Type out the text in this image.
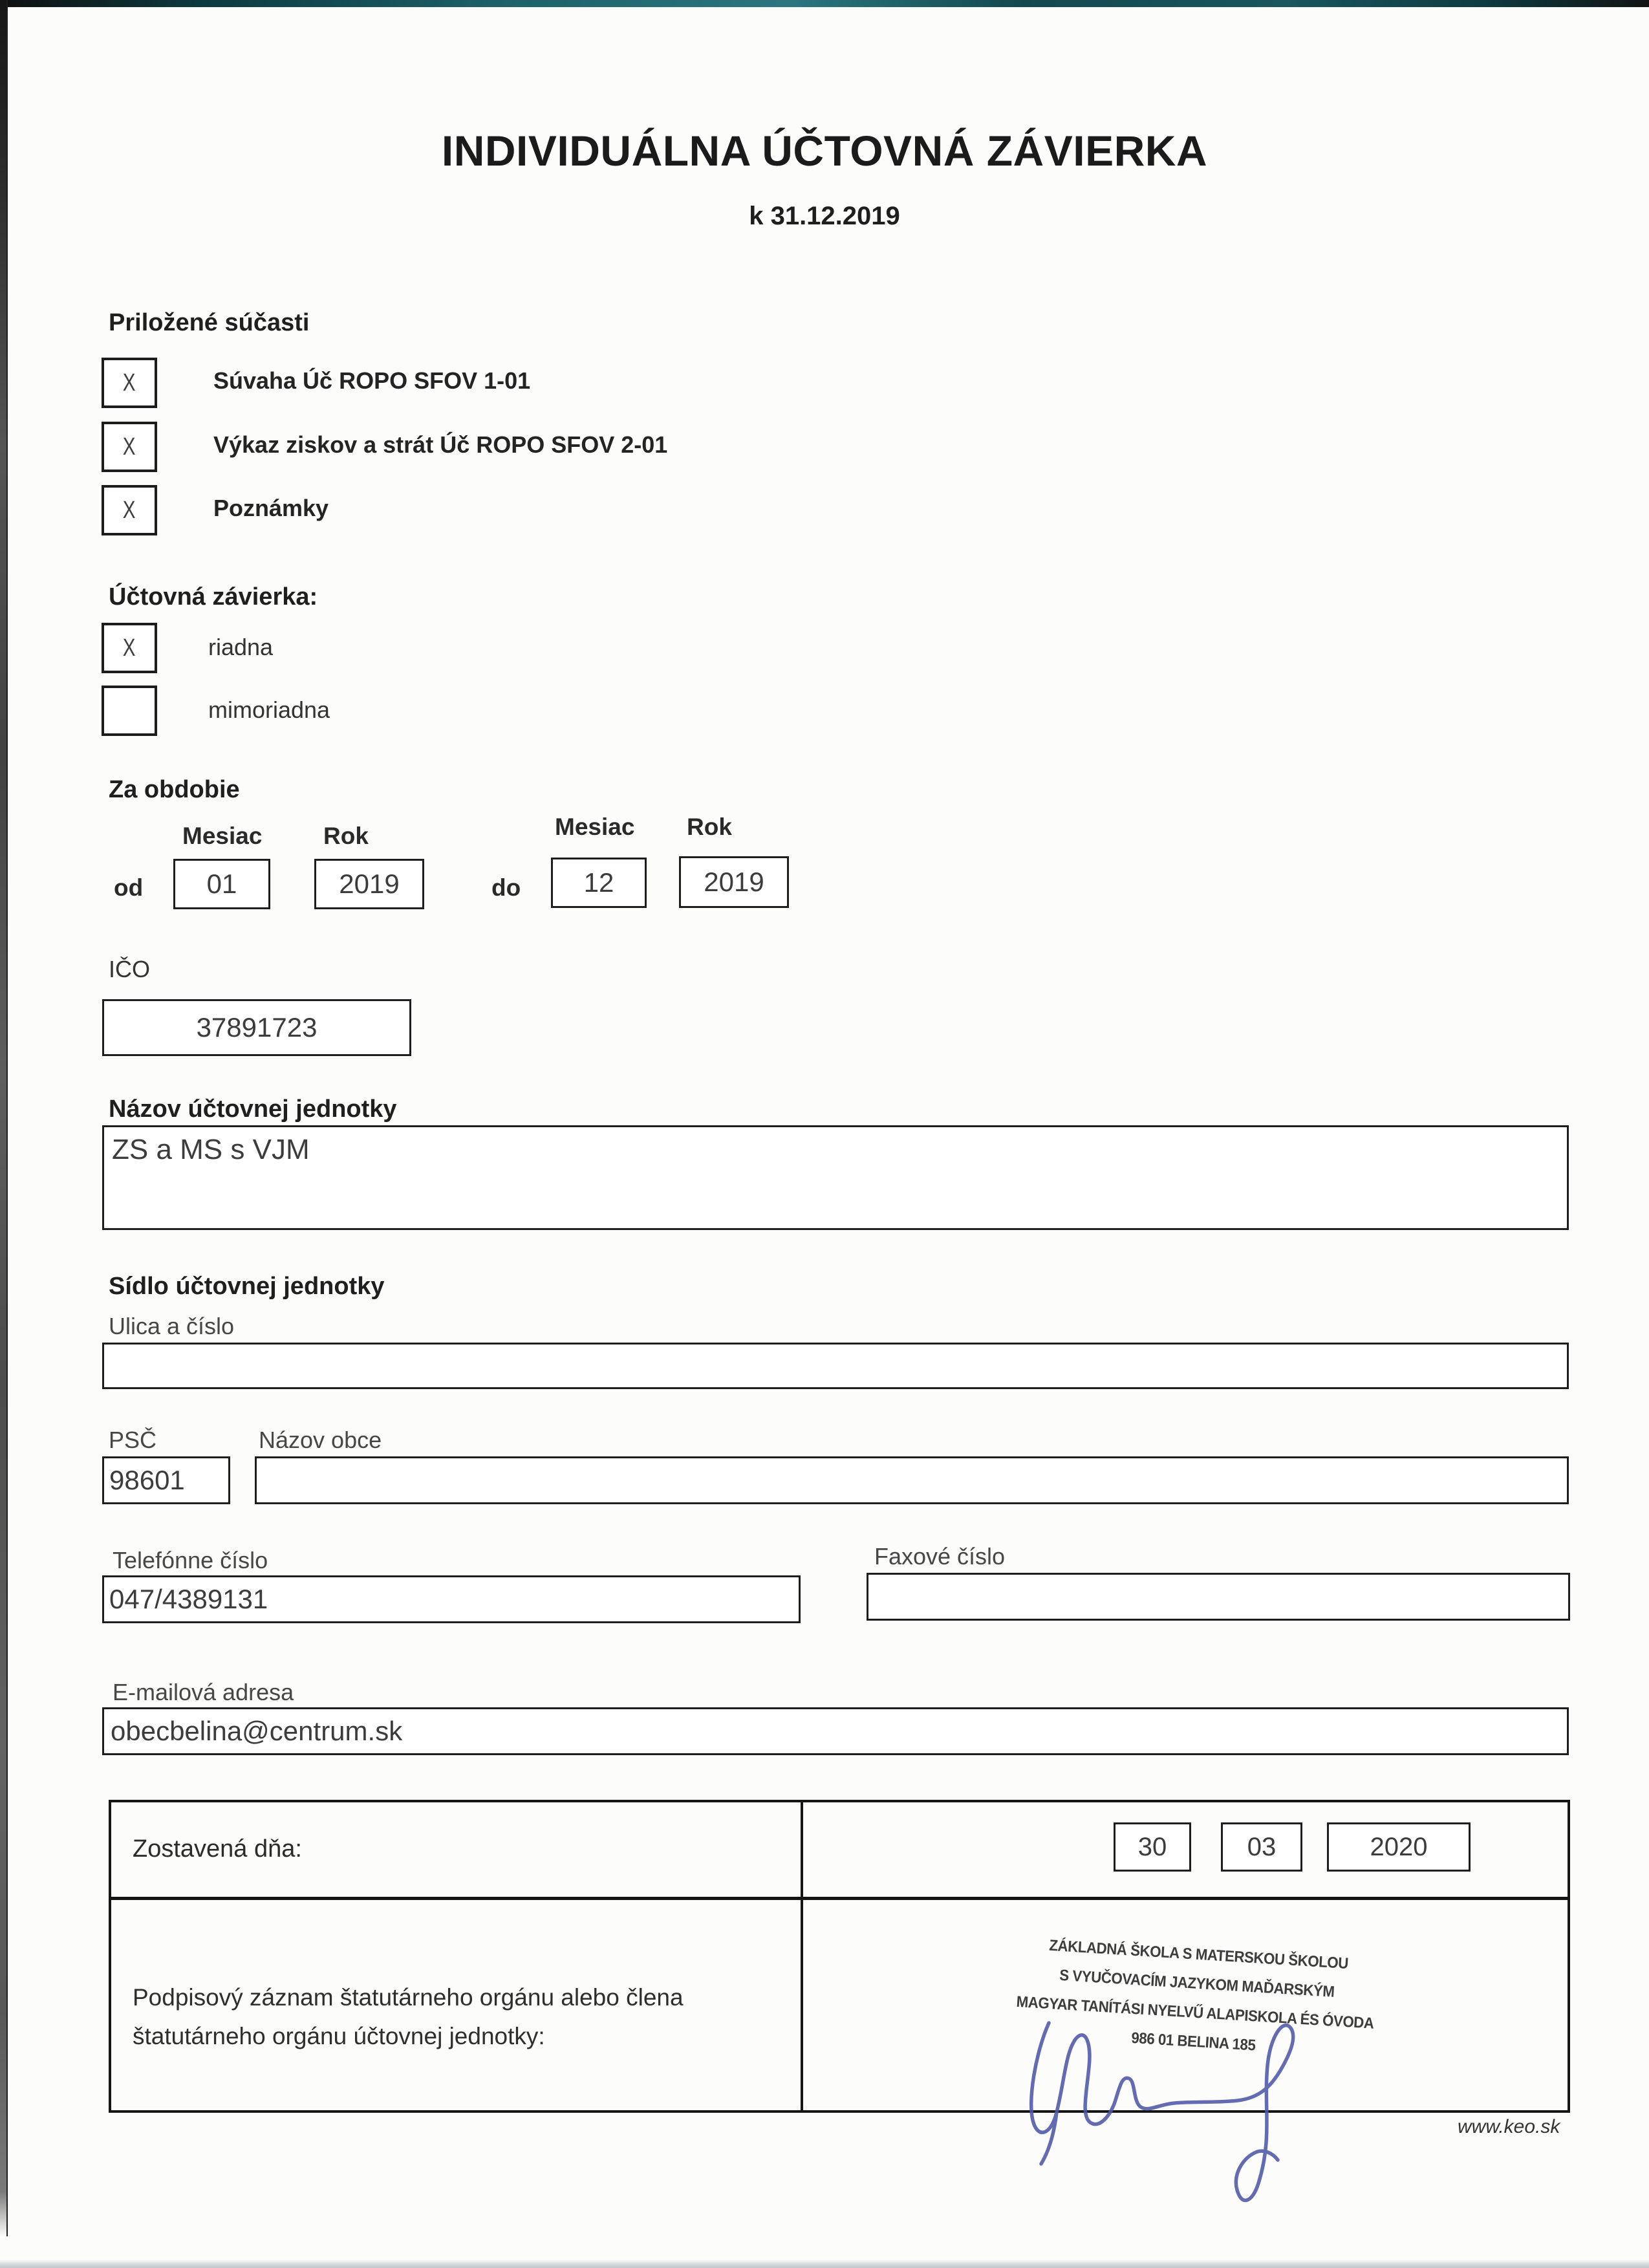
INDIVIDUÁLNA ÚČTOVNÁ ZÁVIERKA
k 31.12.2019
Priložené súčasti
X	Súvaha Úč ROPO SFOV 1-01
X	Výkaz ziskov a strát Úč ROPO SFOV 2-01
X	Poznámky
Účtovná závierka:
X	riadna
mimoriadna
Za obdobie
Mesiac	Rok	Mesiac Rok
od 01	2019	do 12	2019
IČO
37891723
Názov účtovnej jednotky
ZS a MS s VJM
Sídlo účtovnej jednotky
Ulica a číslo
PSČ	Názov obce
98601
Telefónne číslo	Faxové číslo
047/4389131
E-mailová adresa
obecbelina@centrum.sk
Zostavená dňa:	30	03	2020
Podpisový záznam štatutárneho orgánu alebo člena
štatutárneho orgánu účtovnej jednotky:
ZÁKLADNÁ ŠKOLA S MATERSKOU ŠKOLOU
S VYUČOVACÍM JAZYKOM MAĎARSKÝM
MAGYAR TANÍTÁSI NYELVŰ ALAPISKOLA ÉS ÓVODA
986 01 BELINA 185
www.keo.sk
